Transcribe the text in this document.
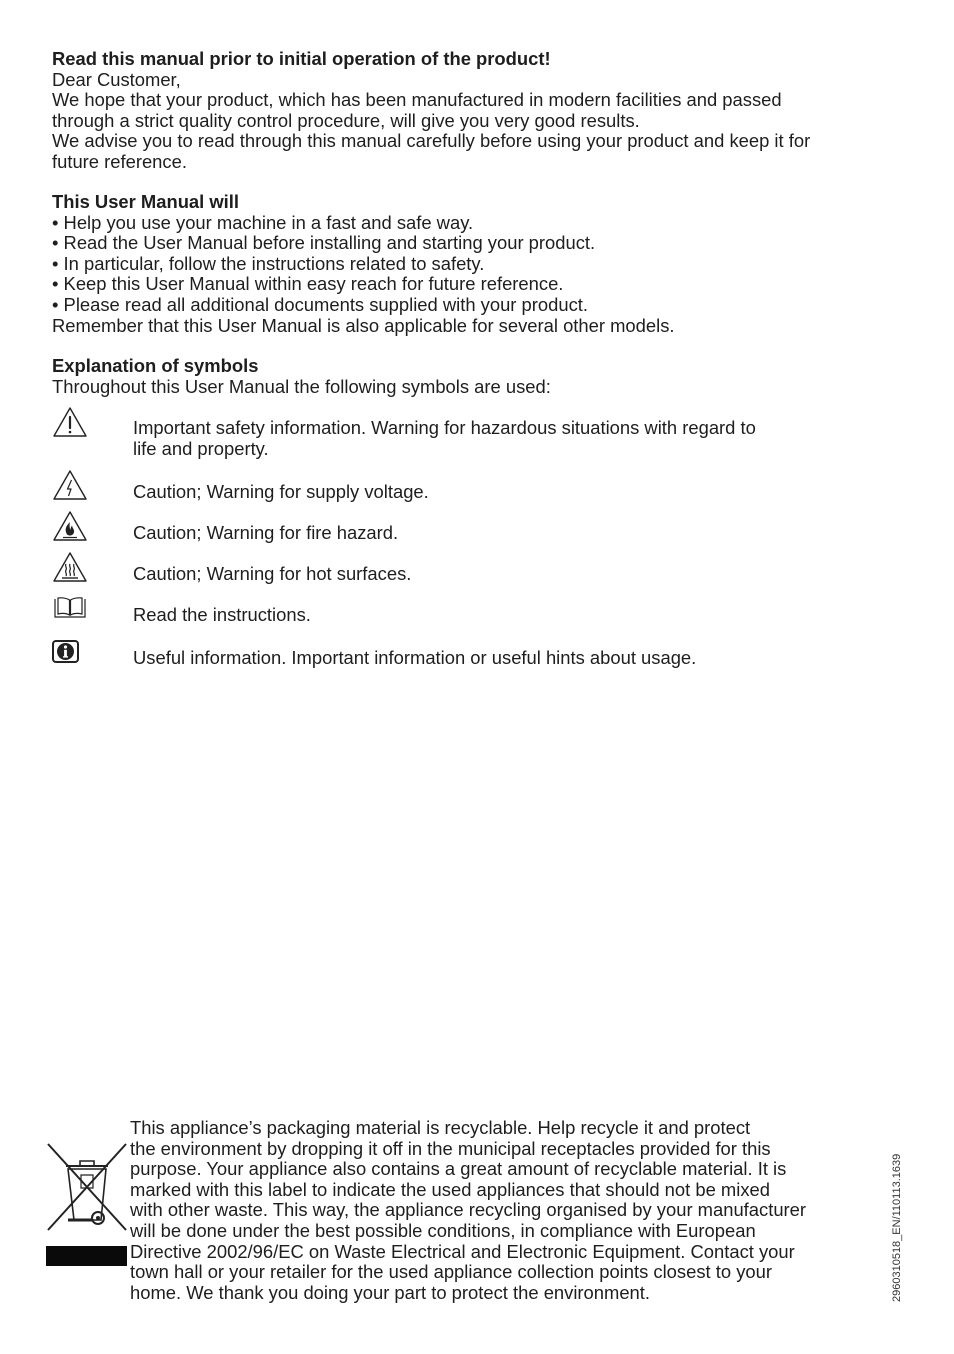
Read this manual prior to initial operation of the product!
Dear Customer,
We hope that your product, which has been manufactured in modern facilities and passed
through a strict quality control procedure, will give you very good results.
We advise you to read through this manual carefully before using your product and keep it for
future reference.
This User Manual will
• Help you use your machine in a fast and safe way.
• Read the User Manual before installing and starting your product.
• In particular, follow the instructions related to safety.
• Keep this User Manual within easy reach for future reference.
• Please read all additional documents supplied with your product.
Remember that this User Manual is also applicable for several other models.
Explanation of symbols
Throughout this User Manual the following symbols are used:
Important safety information. Warning for hazardous situations with regard to
life and property.
Caution; Warning for supply voltage.
Caution; Warning for fire hazard.
Caution; Warning for hot surfaces.
Read the instructions.
Useful information. Important information or useful hints about usage.
This appliance’s packaging material is recyclable. Help recycle it and protect
the environment by dropping it off in the municipal receptacles provided for this
purpose. Your appliance also contains a great amount of recyclable material. It is
marked with this label to indicate the used appliances that should not be mixed
with other waste. This way, the appliance recycling organised by your manufacturer
will be done under the best possible conditions, in compliance with European
Directive 2002/96/EC on Waste Electrical and Electronic Equipment. Contact your
town hall or your retailer for the used appliance collection points closest to your
home. We thank you doing your part to protect the environment.	2960310518_EN/110113.1639
